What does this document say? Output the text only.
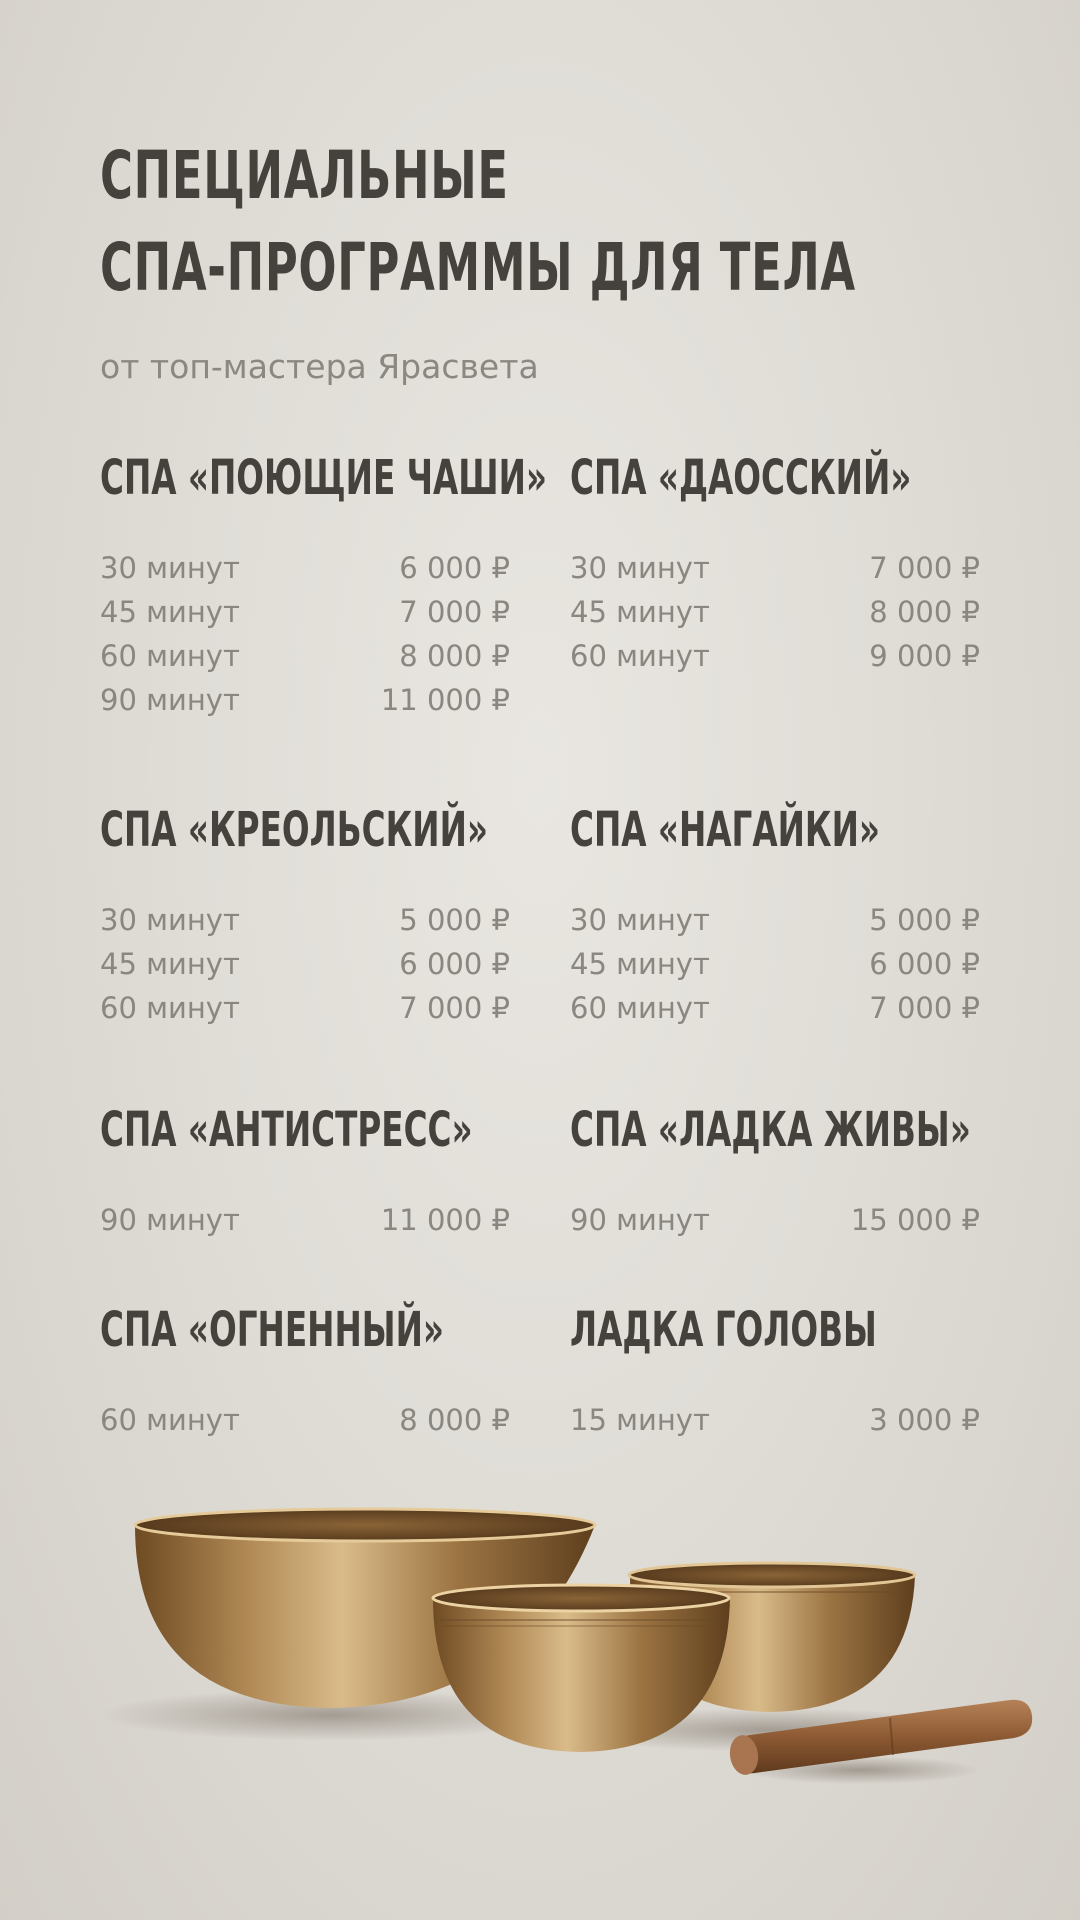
СПЕЦИАЛЬНЫЕ
СПА-ПРОГРАММЫ ДЛЯ ТЕЛА
от топ-мастера Ярасвета
СПА «ПОЮЩИЕ ЧАШИ»
30 минут	6 000 ₽
45 минут	7 000 ₽
60 минут	8 000 ₽
90 минут	11 000 ₽
СПА «ДАОССКИЙ»
30 минут	7 000 ₽
45 минут	8 000 ₽
60 минут	9 000 ₽
СПА «КРЕОЛЬСКИЙ»
30 минут	5 000 ₽
45 минут	6 000 ₽
60 минут	7 000 ₽
СПА «НАГАЙКИ»
30 минут	5 000 ₽
45 минут	6 000 ₽
60 минут	7 000 ₽
СПА «АНТИСТРЕСС»
90 минут	11 000 ₽
СПА «ЛАДКА ЖИВЫ»
90 минут	15 000 ₽
СПА «ОГНЕННЫЙ»
60 минут	8 000 ₽
ЛАДКА ГОЛОВЫ
15 минут	3 000 ₽
